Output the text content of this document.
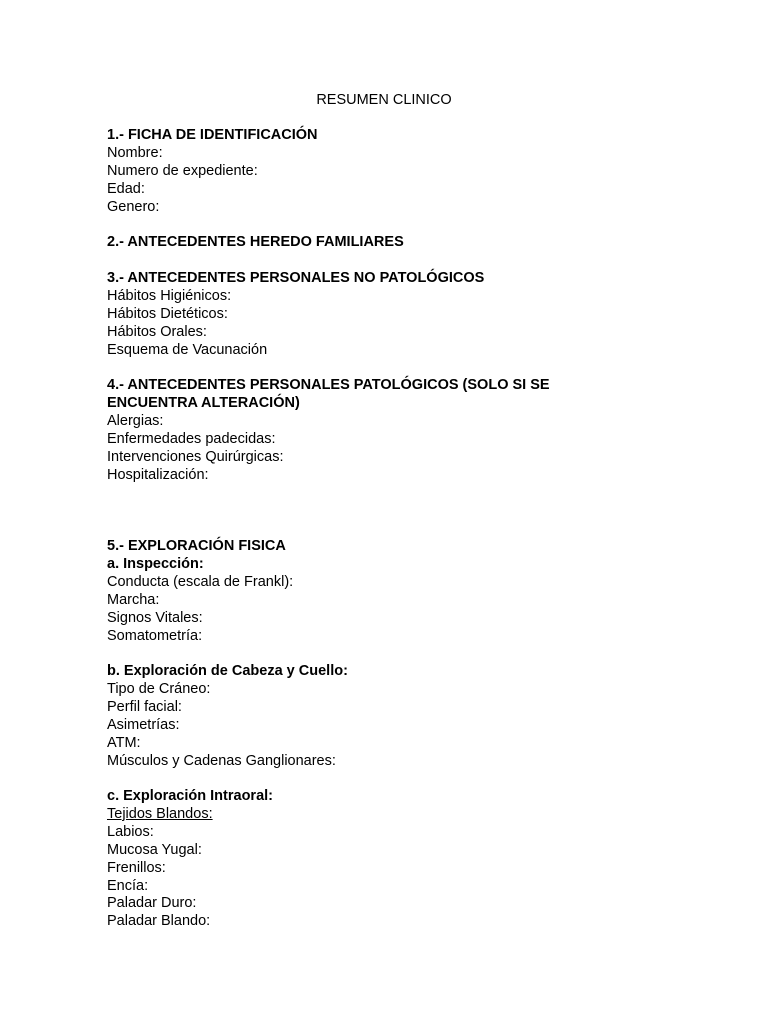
RESUMEN CLINICO
1.- FICHA DE IDENTIFICACIÓN
Nombre:
Numero de expediente:
Edad:
Genero:
2.- ANTECEDENTES HEREDO FAMILIARES
3.- ANTECEDENTES PERSONALES NO PATOLÓGICOS
Hábitos Higiénicos:
Hábitos Dietéticos:
Hábitos Orales:
Esquema de Vacunación
4.- ANTECEDENTES PERSONALES PATOLÓGICOS (SOLO SI SE
ENCUENTRA ALTERACIÓN)
Alergias:
Enfermedades padecidas:
Intervenciones Quirúrgicas:
Hospitalización:
5.- EXPLORACIÓN FISICA
a. Inspección:
Conducta (escala de Frankl):
Marcha:
Signos Vitales:
Somatometría:
b. Exploración de Cabeza y Cuello:
Tipo de Cráneo:
Perfil facial:
Asimetrías:
ATM:
Músculos y Cadenas Ganglionares:
c. Exploración Intraoral:
Tejidos Blandos:
Labios:
Mucosa Yugal:
Frenillos:
Encía:
Paladar Duro:
Paladar Blando:
